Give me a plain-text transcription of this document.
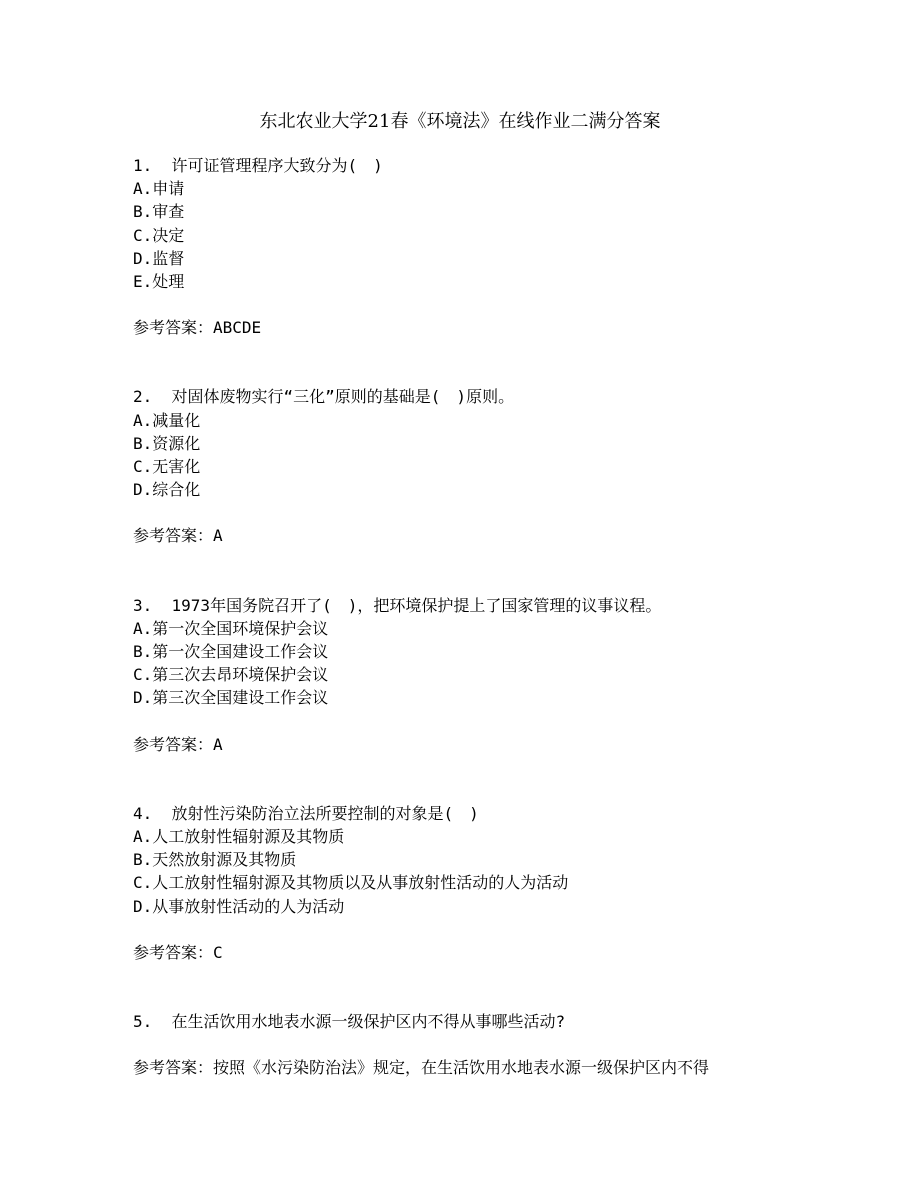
东北农业大学21春《环境法》在线作业二满分答案
1. 许可证管理程序大致分为(　)
A.申请
B.审查
C.决定
D.监督
E.处理
参考答案：ABCDE
2. 对固体废物实行“三化”原则的基础是(　)原则。
A.减量化
B.资源化
C.无害化
D.综合化
参考答案：A
3. 1973年国务院召开了(　)，把环境保护提上了国家管理的议事议程。
A.第一次全国环境保护会议
B.第一次全国建设工作会议
C.第三次去昂环境保护会议
D.第三次全国建设工作会议
参考答案：A
4. 放射性污染防治立法所要控制的对象是(　)
A.人工放射性辐射源及其物质
B.天然放射源及其物质
C.人工放射性辐射源及其物质以及从事放射性活动的人为活动
D.从事放射性活动的人为活动
参考答案：C
5. 在生活饮用水地表水源一级保护区内不得从事哪些活动?
参考答案：按照《水污染防治法》规定，在生活饮用水地表水源一级保护区内不得
